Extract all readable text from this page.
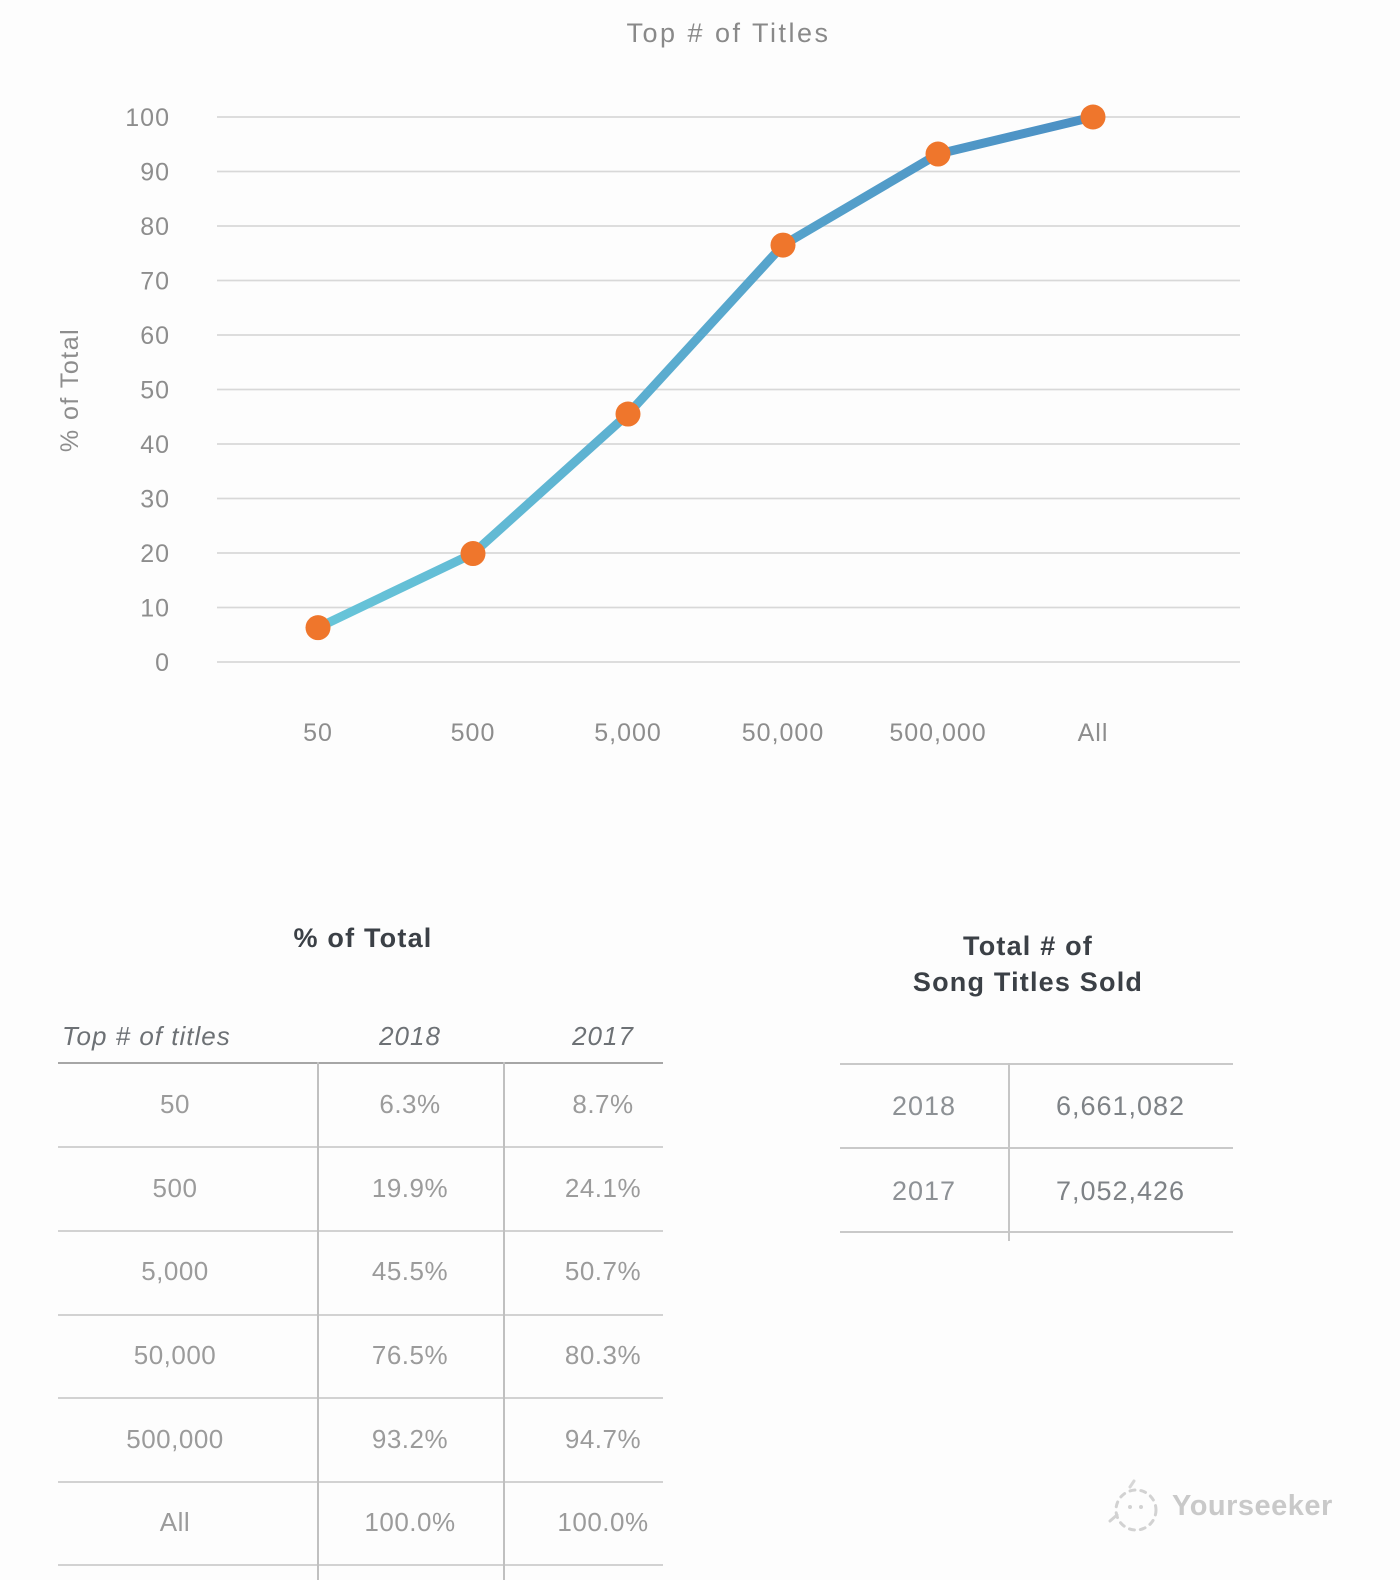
Top # of Titles
0
10
20
30
40
50
60
70
80
90
100
50	500	5,000	50,000	500,000	All
% of Total
% of Total
Top # of titles	2018	2017
50	6.3%	8.7%
500	19.9%	24.1%
5,000	45.5%	50.7%
50,000	76.5%	80.3%
500,000	93.2%	94.7%
All	100.0%	100.0%
Total # of
Song Titles Sold
2018	6,661,082
2017	7,052,426
Yourseeker
